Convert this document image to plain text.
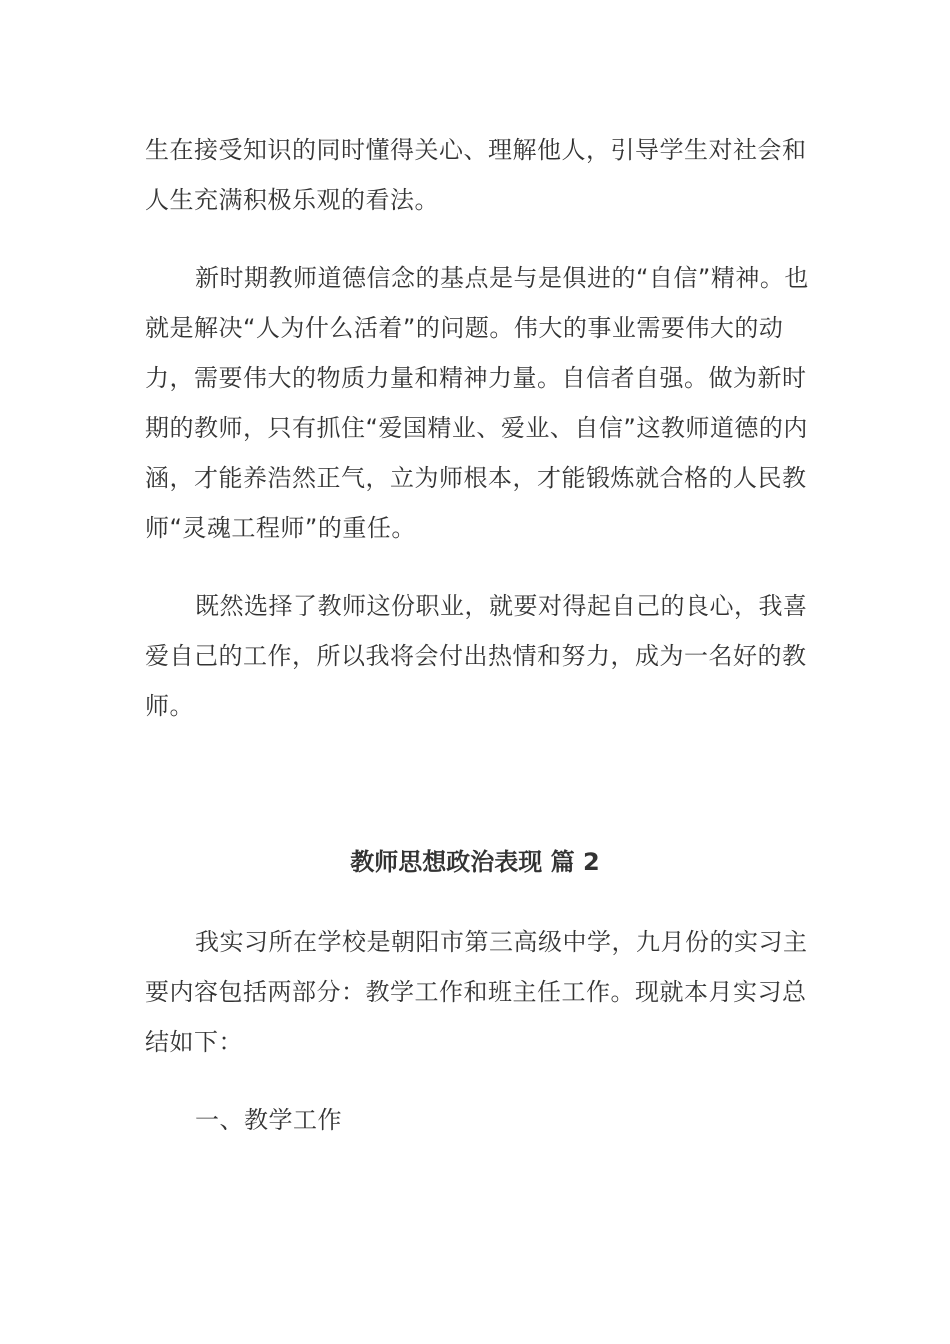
生在接受知识的同时懂得关心、理解他人，引导学生对社会和人生充满积极乐观的看法。

新时期教师道德信念的基点是与是俱进的“自信”精神。也就是解决“人为什么活着”的问题。伟大的事业需要伟大的动力，需要伟大的物质力量和精神力量。自信者自强。做为新时期的教师，只有抓住“爱国精业、爱业、自信”这教师道德的内涵，才能养浩然正气，立为师根本，才能锻炼就合格的人民教师“灵魂工程师”的重任。

既然选择了教师这份职业，就要对得起自己的良心，我喜爱自己的工作，所以我将会付出热情和努力，成为一名好的教师。

教师思想政治表现 篇 2

我实习所在学校是朝阳市第三高级中学，九月份的实习主要内容包括两部分：教学工作和班主任工作。现就本月实习总结如下：

一、教学工作
